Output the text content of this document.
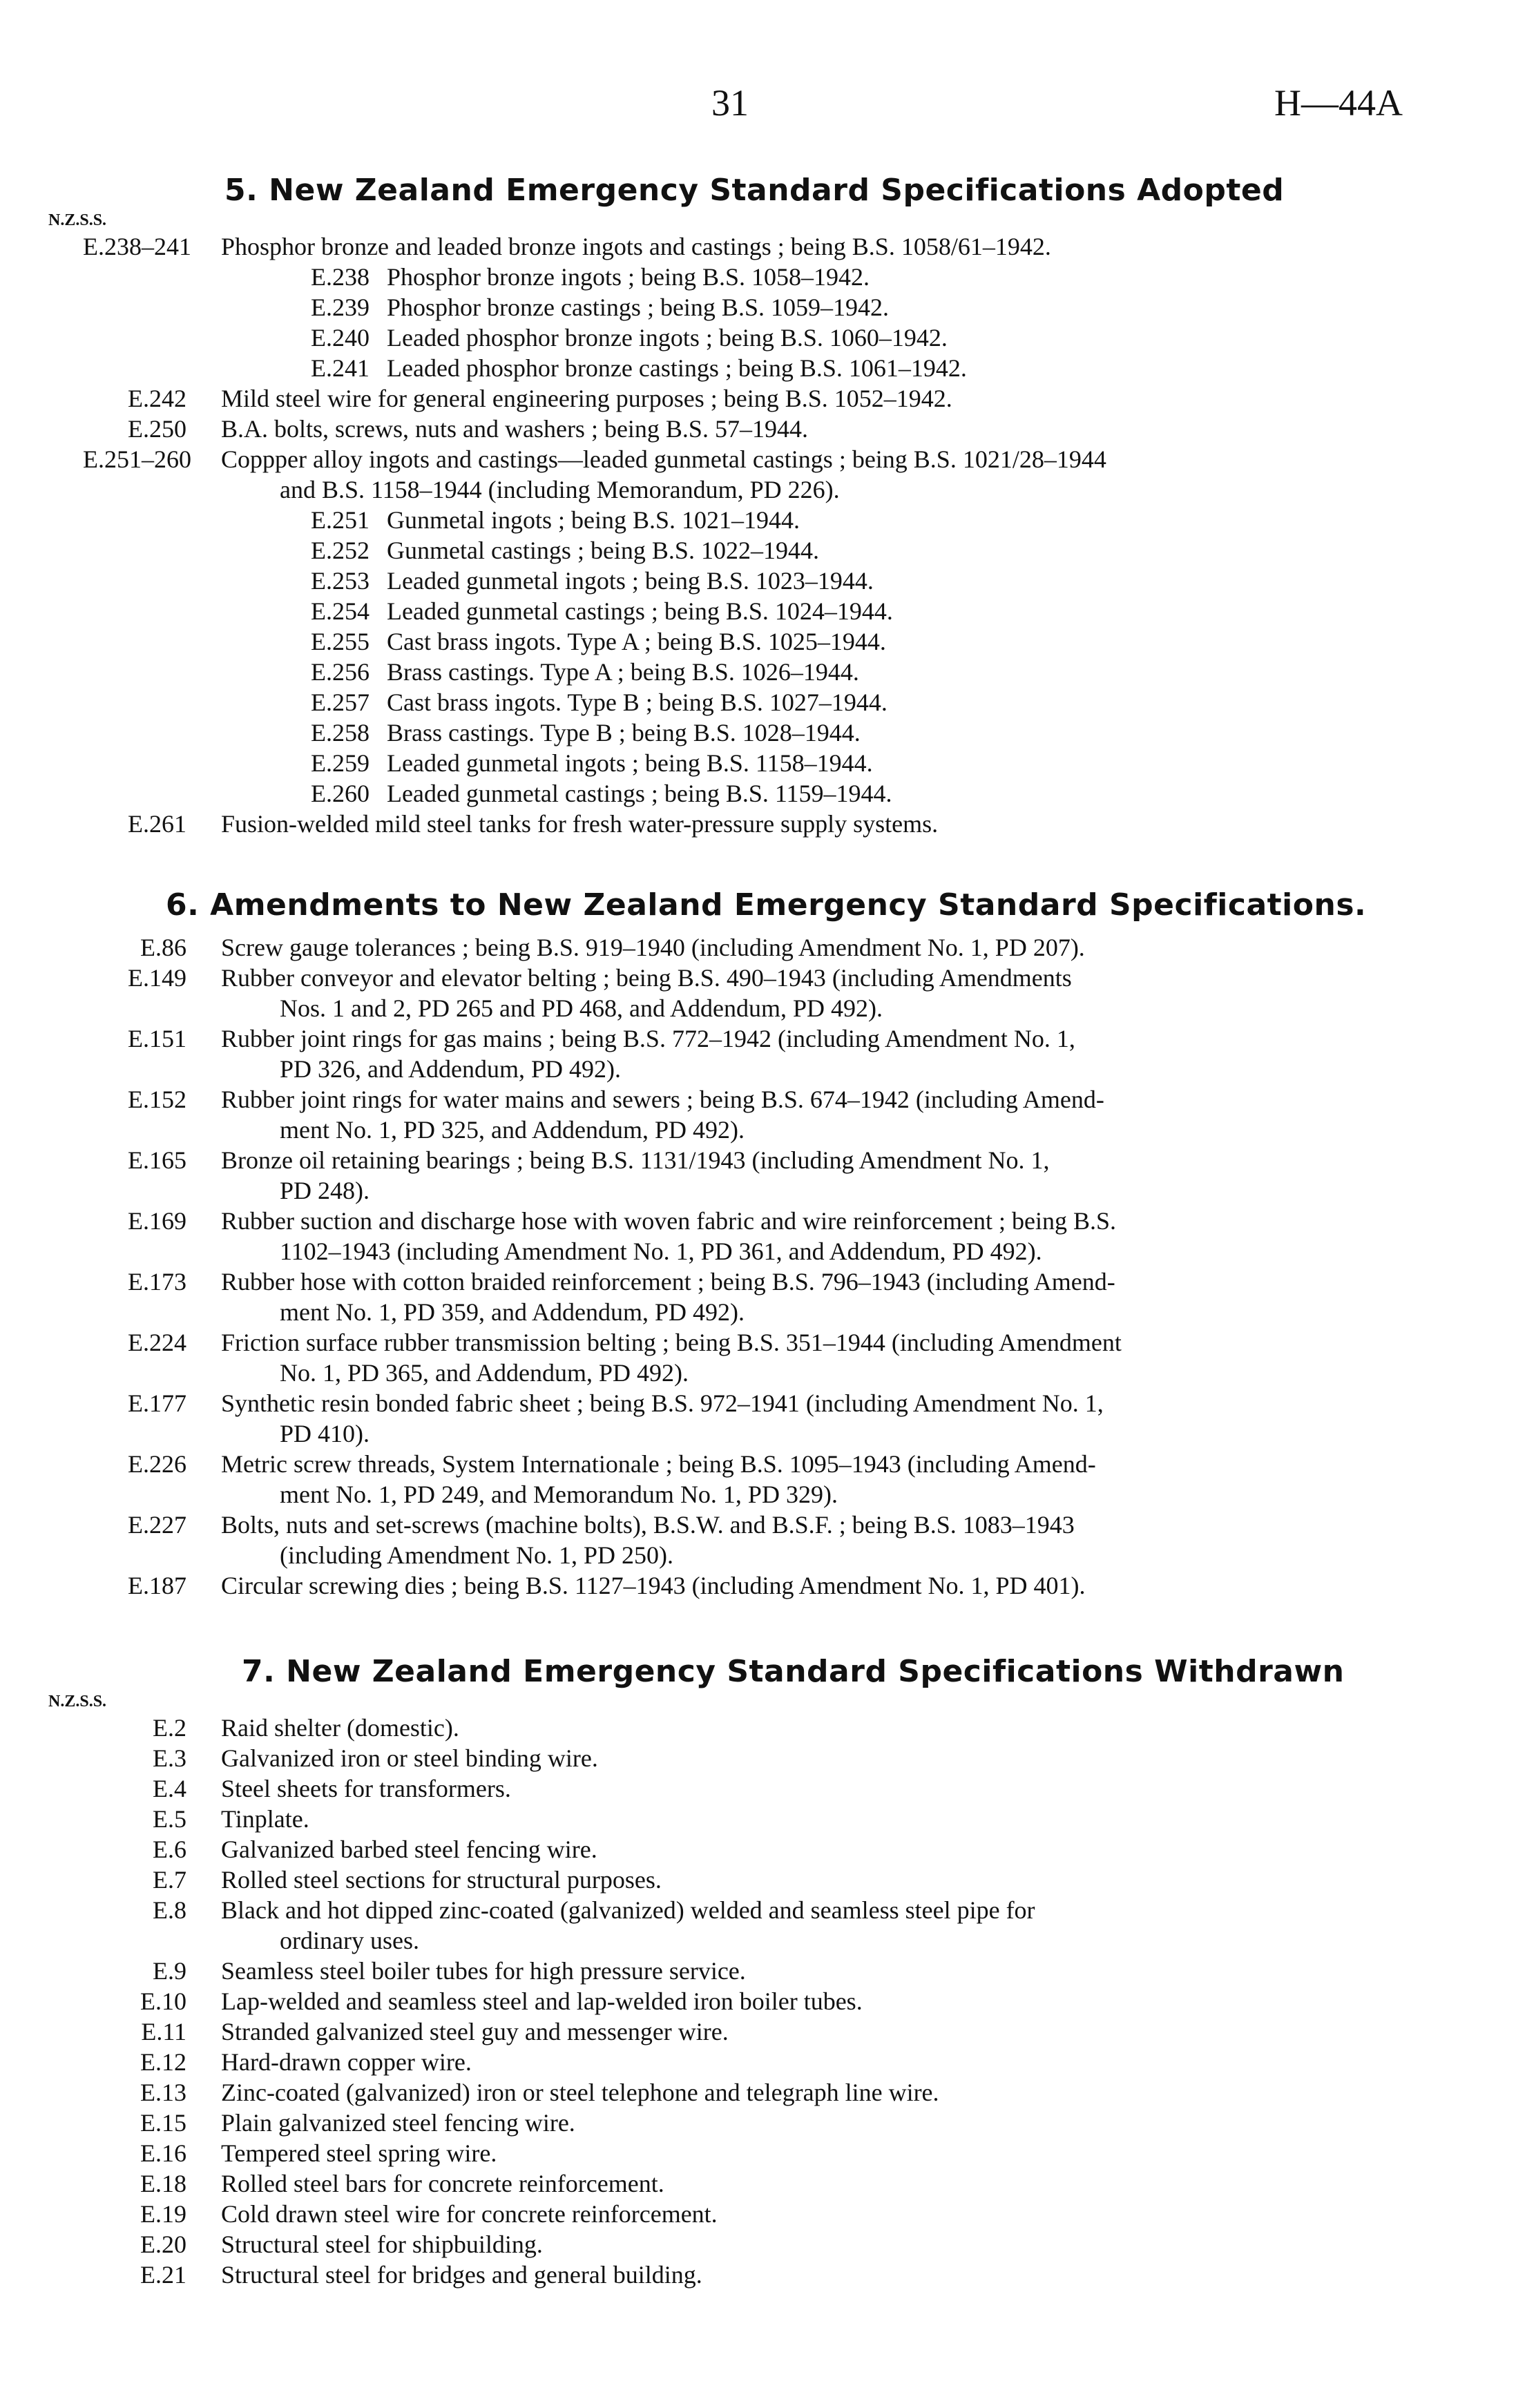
31	H—44A
5. New Zealand Emergency Standard Specifications Adopted
N.Z.S.S.
E.238–241 Phosphor bronze and leaded bronze ingots and castings ; being B.S. 1058/61–1942.
E.238 Phosphor bronze ingots ; being B.S. 1058–1942.
E.239 Phosphor bronze castings ; being B.S. 1059–1942.
E.240 Leaded phosphor bronze ingots ; being B.S. 1060–1942.
E.241 Leaded phosphor bronze castings ; being B.S. 1061–1942.
E.242 Mild steel wire for general engineering purposes ; being B.S. 1052–1942.
E.250 B.A. bolts, screws, nuts and washers ; being B.S. 57–1944.
E.251–260 Coppper alloy ingots and castings—leaded gunmetal castings ; being B.S. 1021/28–1944
and B.S. 1158–1944 (including Memorandum, PD 226).
E.251 Gunmetal ingots ; being B.S. 1021–1944.
E.252 Gunmetal castings ; being B.S. 1022–1944.
E.253 Leaded gunmetal ingots ; being B.S. 1023–1944.
E.254 Leaded gunmetal castings ; being B.S. 1024–1944.
E.255 Cast brass ingots. Type A ; being B.S. 1025–1944.
E.256 Brass castings. Type A ; being B.S. 1026–1944.
E.257 Cast brass ingots. Type B ; being B.S. 1027–1944.
E.258 Brass castings. Type B ; being B.S. 1028–1944.
E.259 Leaded gunmetal ingots ; being B.S. 1158–1944.
E.260 Leaded gunmetal castings ; being B.S. 1159–1944.
E.261 Fusion-welded mild steel tanks for fresh water-pressure supply systems.
6. Amendments to New Zealand Emergency Standard Specifications.
E.86 Screw gauge tolerances ; being B.S. 919–1940 (including Amendment No. 1, PD 207).
E.149 Rubber conveyor and elevator belting ; being B.S. 490–1943 (including Amendments
Nos. 1 and 2, PD 265 and PD 468, and Addendum, PD 492).
E.151 Rubber joint rings for gas mains ; being B.S. 772–1942 (including Amendment No. 1,
PD 326, and Addendum, PD 492).
E.152 Rubber joint rings for water mains and sewers ; being B.S. 674–1942 (including Amend-
ment No. 1, PD 325, and Addendum, PD 492).
E.165 Bronze oil retaining bearings ; being B.S. 1131/1943 (including Amendment No. 1,
PD 248).
E.169 Rubber suction and discharge hose with woven fabric and wire reinforcement ; being B.S.
1102–1943 (including Amendment No. 1, PD 361, and Addendum, PD 492).
E.173 Rubber hose with cotton braided reinforcement ; being B.S. 796–1943 (including Amend-
ment No. 1, PD 359, and Addendum, PD 492).
E.224 Friction surface rubber transmission belting ; being B.S. 351–1944 (including Amendment
No. 1, PD 365, and Addendum, PD 492).
E.177 Synthetic resin bonded fabric sheet ; being B.S. 972–1941 (including Amendment No. 1,
PD 410).
E.226 Metric screw threads, System Internationale ; being B.S. 1095–1943 (including Amend-
ment No. 1, PD 249, and Memorandum No. 1, PD 329).
E.227 Bolts, nuts and set-screws (machine bolts), B.S.W. and B.S.F. ; being B.S. 1083–1943
(including Amendment No. 1, PD 250).
E.187 Circular screwing dies ; being B.S. 1127–1943 (including Amendment No. 1, PD 401).
7. New Zealand Emergency Standard Specifications Withdrawn
N.Z.S.S.
E.2 Raid shelter (domestic).
E.3 Galvanized iron or steel binding wire.
E.4 Steel sheets for transformers.
E.5 Tinplate.
E.6 Galvanized barbed steel fencing wire.
E.7 Rolled steel sections for structural purposes.
E.8 Black and hot dipped zinc-coated (galvanized) welded and seamless steel pipe for
ordinary uses.
E.9 Seamless steel boiler tubes for high pressure service.
E.10 Lap-welded and seamless steel and lap-welded iron boiler tubes.
E.11 Stranded galvanized steel guy and messenger wire.
E.12 Hard-drawn copper wire.
E.13 Zinc-coated (galvanized) iron or steel telephone and telegraph line wire.
E.15 Plain galvanized steel fencing wire.
E.16 Tempered steel spring wire.
E.18 Rolled steel bars for concrete reinforcement.
E.19 Cold drawn steel wire for concrete reinforcement.
E.20 Structural steel for shipbuilding.
E.21 Structural steel for bridges and general building.
